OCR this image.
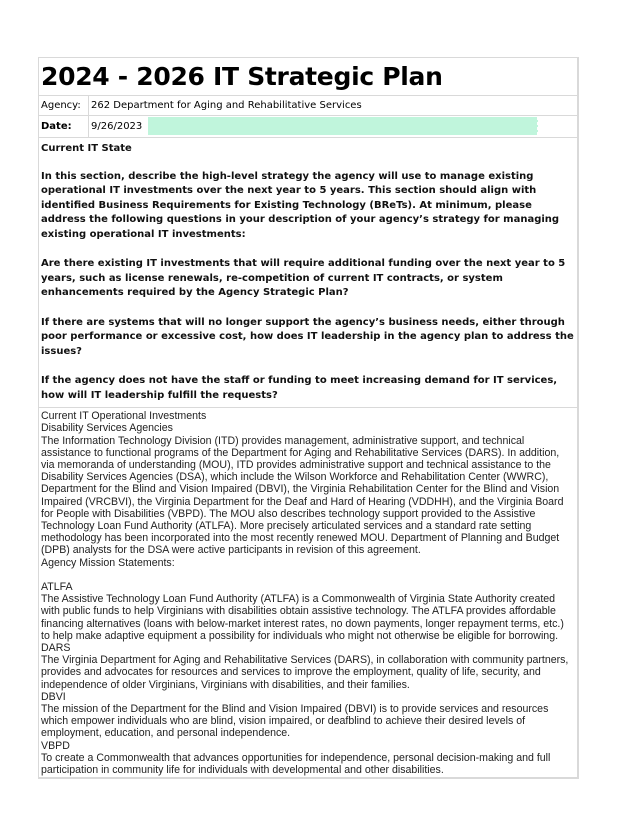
2024 - 2026 IT Strategic Plan
Agency:	262 Department for Aging and Rehabilitative Services
Date:	9/26/2023

Current IT State

In this section, describe the high-level strategy the agency will use to manage existing operational IT investments over the next year to 5 years. This section should align with identified Business Requirements for Existing Technology (BReTs). At minimum, please address the following questions in your description of your agency’s strategy for managing existing operational IT investments:

Are there existing IT investments that will require additional funding over the next year to 5 years, such as license renewals, re-competition of current IT contracts, or system enhancements required by the Agency Strategic Plan?

If there are systems that will no longer support the agency’s business needs, either through poor performance or excessive cost, how does IT leadership in the agency plan to address the issues?

If the agency does not have the staff or funding to meet increasing demand for IT services, how will IT leadership fulfill the requests?

Current IT Operational Investments

Disability Services Agencies

The Information Technology Division (ITD) provides management, administrative support, and technical assistance to functional programs of the Department for Aging and Rehabilitative Services (DARS). In addition, via memoranda of understanding (MOU), ITD provides administrative support and technical assistance to the Disability Services Agencies (DSA), which include the Wilson Workforce and Rehabilitation Center (WWRC), Department for the Blind and Vision Impaired (DBVI), the Virginia Rehabilitation Center for the Blind and Vision Impaired (VRCBVI), the Virginia Department for the Deaf and Hard of Hearing (VDDHH), and the Virginia Board for People with Disabilities (VBPD). The MOU also describes technology support provided to the Assistive Technology Loan Fund Authority (ATLFA). More precisely articulated services and a standard rate setting methodology has been incorporated into the most recently renewed MOU. Department of Planning and Budget (DPB) analysts for the DSA were active participants in revision of this agreement.

Agency Mission Statements:

ATLFA

The Assistive Technology Loan Fund Authority (ATLFA) is a Commonwealth of Virginia State Authority created with public funds to help Virginians with disabilities obtain assistive technology. The ATLFA provides affordable financing alternatives (loans with below-market interest rates, no down payments, longer repayment terms, etc.) to help make adaptive equipment a possibility for individuals who might not otherwise be eligible for borrowing.

DARS

The Virginia Department for Aging and Rehabilitative Services (DARS), in collaboration with community partners, provides and advocates for resources and services to improve the employment, quality of life, security, and independence of older Virginians, Virginians with disabilities, and their families.

DBVI

The mission of the Department for the Blind and Vision Impaired (DBVI) is to provide services and resources which empower individuals who are blind, vision impaired, or deafblind to achieve their desired levels of employment, education, and personal independence.

VBPD

To create a Commonwealth that advances opportunities for independence, personal decision-making and full participation in community life for individuals with developmental and other disabilities.
